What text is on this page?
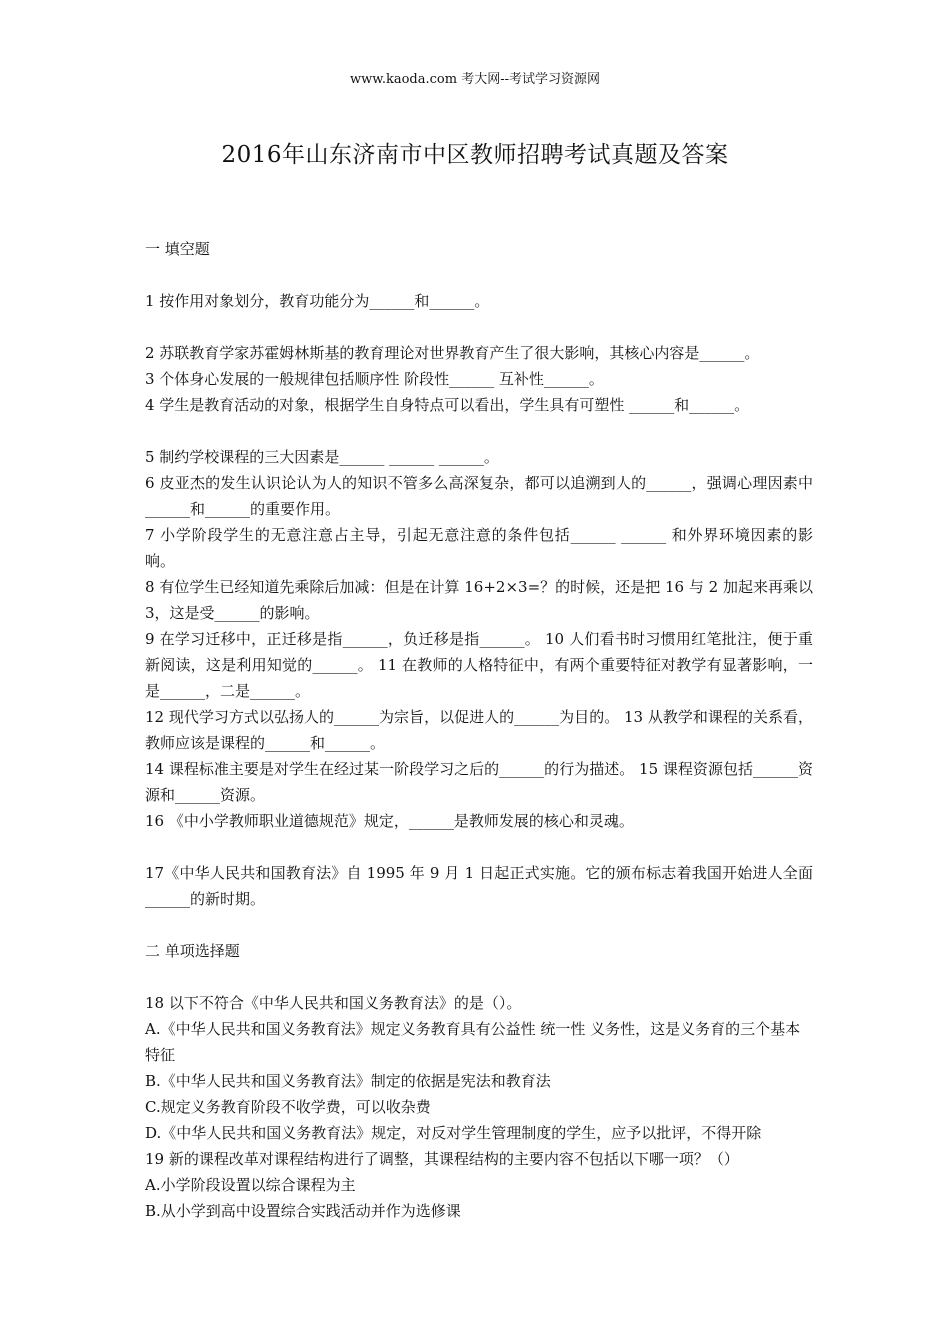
www.kaoda.com 考大网--考试学习资源网
2016年山东济南市中区教师招聘考试真题及答案

一 填空题

1 按作用对象划分，教育功能分为______和______。

2 苏联教育学家苏霍姆林斯基的教育理论对世界教育产生了很大影响，其核心内容是______。

3 个体身心发展的一般规律包括顺序性 阶段性______ 互补性______。

4 学生是教育活动的对象，根据学生自身特点可以看出，学生具有可塑性 ______和______。

5 制约学校课程的三大因素是______ ______ ______。

6 皮亚杰的发生认识论认为人的知识不管多么高深复杂，都可以追溯到人的______，强调心理因素中______和______的重要作用。

7 小学阶段学生的无意注意占主导，引起无意注意的条件包括______ ______ 和外界环境因素的影响。

8 有位学生已经知道先乘除后加减：但是在计算 16+2×3=？的时候，还是把 16 与 2 加起来再乘以 3，这是受______的影响。

9 在学习迁移中，正迁移是指______，负迁移是指______。 10 人们看书时习惯用红笔批注，便于重新阅读，这是利用知觉的______。 11 在教师的人格特征中，有两个重要特征对教学有显著影响，一是______，二是______。

12 现代学习方式以弘扬人的______为宗旨，以促进人的______为目的。 13 从教学和课程的关系看，教师应该是课程的______和______。

14 课程标准主要是对学生在经过某一阶段学习之后的______的行为描述。 15 课程资源包括______资源和______资源。

16 《中小学教师职业道德规范》规定，______是教师发展的核心和灵魂。

17《中华人民共和国教育法》自 1995 年 9 月 1 日起正式实施。它的颁布标志着我国开始进人全面______的新时期。

二 单项选择题

18 以下不符合《中华人民共和国义务教育法》的是（）。

A.《中华人民共和国义务教育法》规定义务教育具有公益性 统一性 义务性，这是义务育的三个基本特征

B.《中华人民共和国义务教育法》制定的依据是宪法和教育法

C.规定义务教育阶段不收学费，可以收杂费

D.《中华人民共和国义务教育法》规定，对反对学生管理制度的学生，应予以批评，不得开除

19 新的课程改革对课程结构进行了调整，其课程结构的主要内容不包括以下哪一项？（）

A.小学阶段设置以综合课程为主

B.从小学到高中设置综合实践活动并作为选修课
